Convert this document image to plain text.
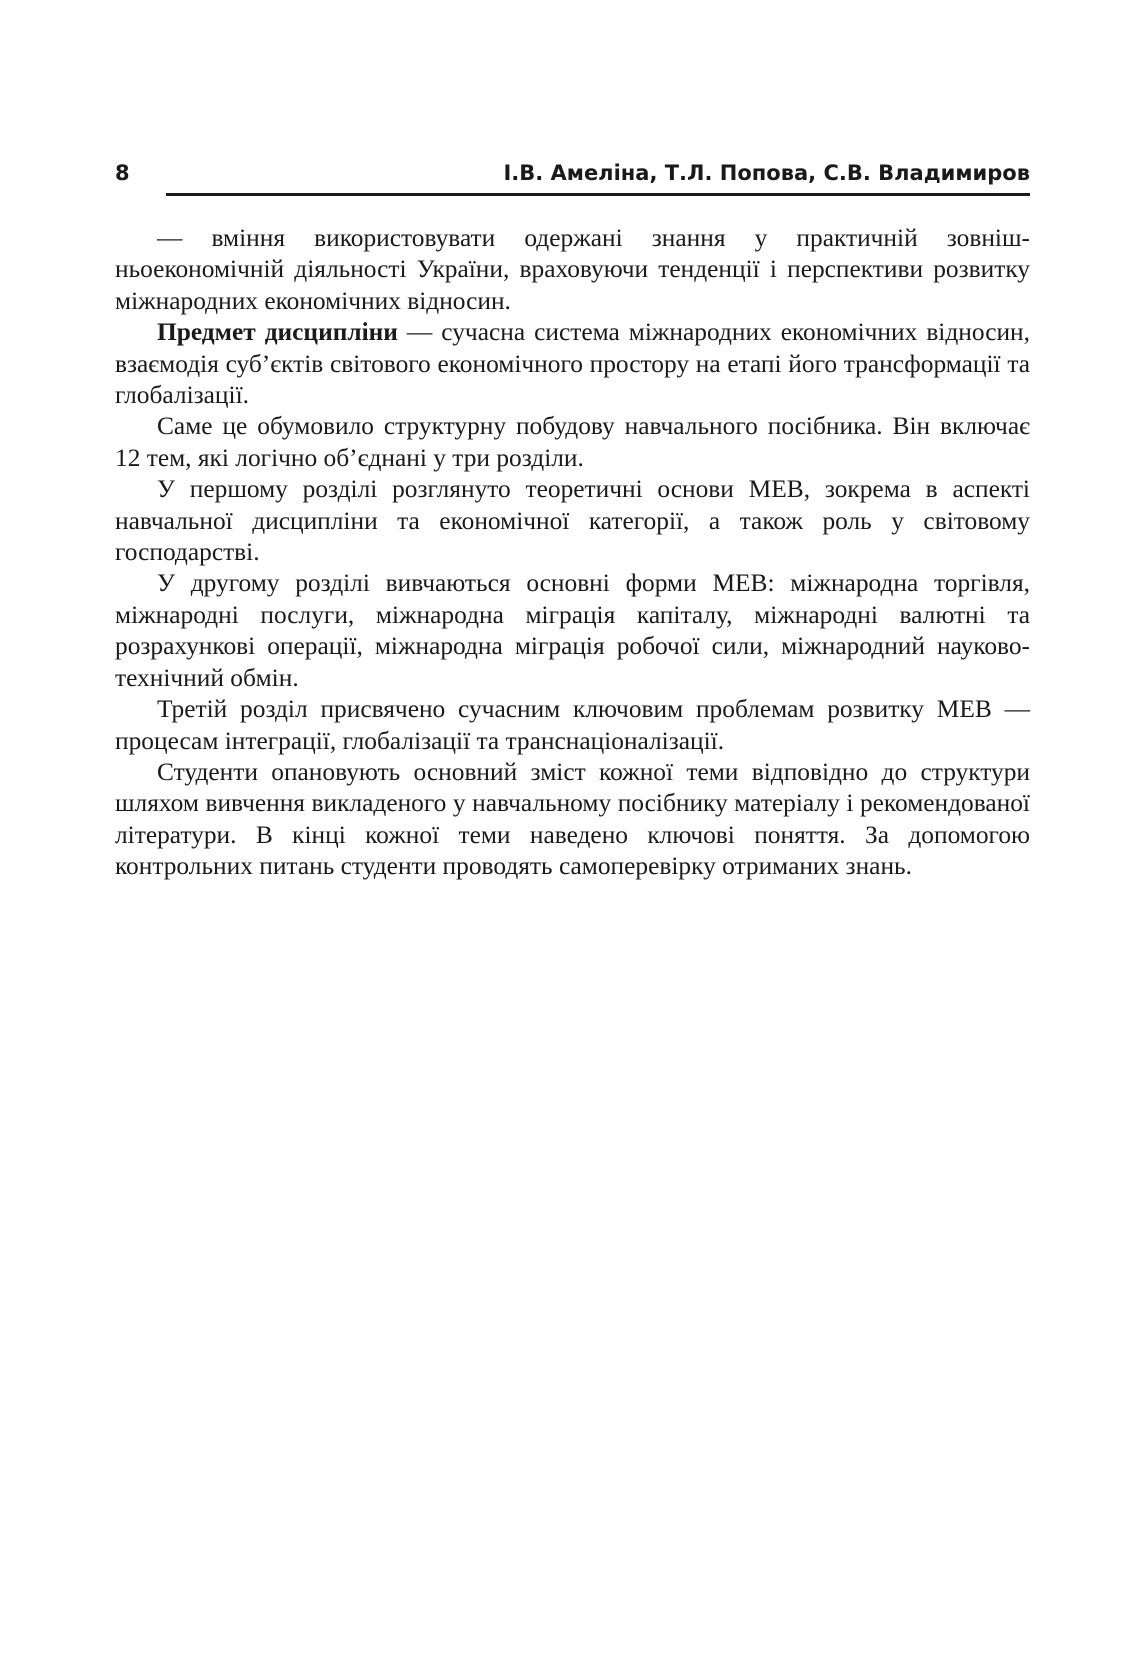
8	І.В. Амеліна, Т.Л. Попова, С.В. Владимиров

— вміння використовувати одержані знання у практичній зовнішньоекономічній діяльності України, враховуючи тенденції і перспективи розвитку міжнародних економічних відносин.

Предмет дисципліни — сучасна система міжнародних економічних відносин, взаємодія суб’єктів світового економічного простору на етапі його трансформації та глобалізації.

Саме це обумовило структурну побудову навчального посібника. Він включає 12 тем, які логічно об’єднані у три розділи.

У першому розділі розглянуто теоретичні основи МЕВ, зокрема в аспекті навчальної дисципліни та економічної категорії, а також роль у світовому господарстві.

У другому розділі вивчаються основні форми МЕВ: міжнародна торгівля, міжнародні послуги, міжнародна міграція капіталу, міжнародні валютні та розрахункові операції, міжнародна міграція робочої сили, міжнародний науково-технічний обмін.

Третій розділ присвячено сучасним ключовим проблемам розвитку МЕВ — процесам інтеграції, глобалізації та транснаціоналізації.

Студенти опановують основний зміст кожної теми відповідно до структури шляхом вивчення викладеного у навчальному посібнику матеріалу і рекомендованої літератури. В кінці кожної теми наведено ключові поняття. За допомогою контрольних питань студенти проводять самоперевірку отриманих знань.
